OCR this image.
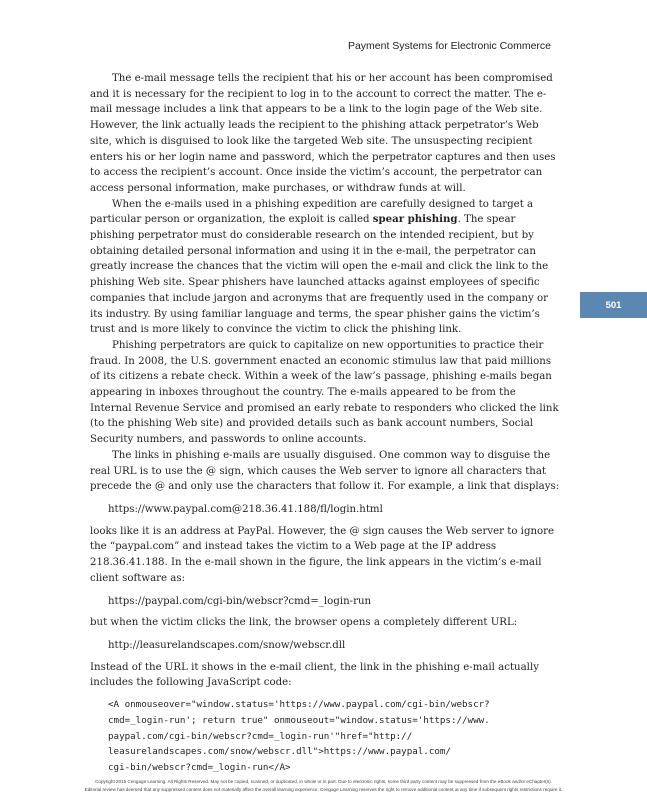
Payment Systems for Electronic Commerce
501

The e-mail message tells the recipient that his or her account has been compromised and it is necessary for the recipient to log in to the account to correct the matter. The e-mail message includes a link that appears to be a link to the login page of the Web site. However, the link actually leads the recipient to the phishing attack perpetrator’s Web site, which is disguised to look like the targeted Web site. The unsuspecting recipient enters his or her login name and password, which the perpetrator captures and then uses to access the recipient’s account. Once inside the victim’s account, the perpetrator can access personal information, make purchases, or withdraw funds at will.

When the e-mails used in a phishing expedition are carefully designed to target a particular person or organization, the exploit is called spear phishing. The spear phishing perpetrator must do considerable research on the intended recipient, but by obtaining detailed personal information and using it in the e-mail, the perpetrator can greatly increase the chances that the victim will open the e-mail and click the link to the phishing Web site. Spear phishers have launched attacks against employees of specific companies that include jargon and acronyms that are frequently used in the company or its industry. By using familiar language and terms, the spear phisher gains the victim’s trust and is more likely to convince the victim to click the phishing link.

Phishing perpetrators are quick to capitalize on new opportunities to practice their fraud. In 2008, the U.S. government enacted an economic stimulus law that paid millions of its citizens a rebate check. Within a week of the law’s passage, phishing e-mails began appearing in inboxes throughout the country. The e-mails appeared to be from the Internal Revenue Service and promised an early rebate to responders who clicked the link (to the phishing Web site) and provided details such as bank account numbers, Social Security numbers, and passwords to online accounts.

The links in phishing e-mails are usually disguised. One common way to disguise the real URL is to use the @ sign, which causes the Web server to ignore all characters that precede the @ and only use the characters that follow it. For example, a link that displays:

https://www.paypal.com@218.36.41.188/fl/login.html

looks like it is an address at PayPal. However, the @ sign causes the Web server to ignore the “paypal.com” and instead takes the victim to a Web page at the IP address 218.36.41.188. In the e-mail shown in the figure, the link appears in the victim’s e-mail client software as:

https://paypal.com/cgi-bin/webscr?cmd=_login-run

but when the victim clicks the link, the browser opens a completely different URL:

http://leasurelandscapes.com/snow/webscr.dll

Instead of the URL it shows in the e-mail client, the link in the phishing e-mail actually includes the following JavaScript code:

<A onmouseover="window.status='https://www.paypal.com/cgi-bin/webscr?
cmd=_login-run'; return true" onmouseout="window.status='https://www.
paypal.com/cgi-bin/webscr?cmd=_login-run'"href="http://
leasurelandscapes.com/snow/webscr.dll">https://www.paypal.com/
cgi-bin/webscr?cmd=_login-run</A>

Copyright 2015 Cengage Learning. All Rights Reserved. May not be copied, scanned, or duplicated, in whole or in part. Due to electronic rights, some third party content may be suppressed from the eBook and/or eChapter(s).

Editorial review has deemed that any suppressed content does not materially affect the overall learning experience. Cengage Learning reserves the right to remove additional content at any time if subsequent rights restrictions require it.
